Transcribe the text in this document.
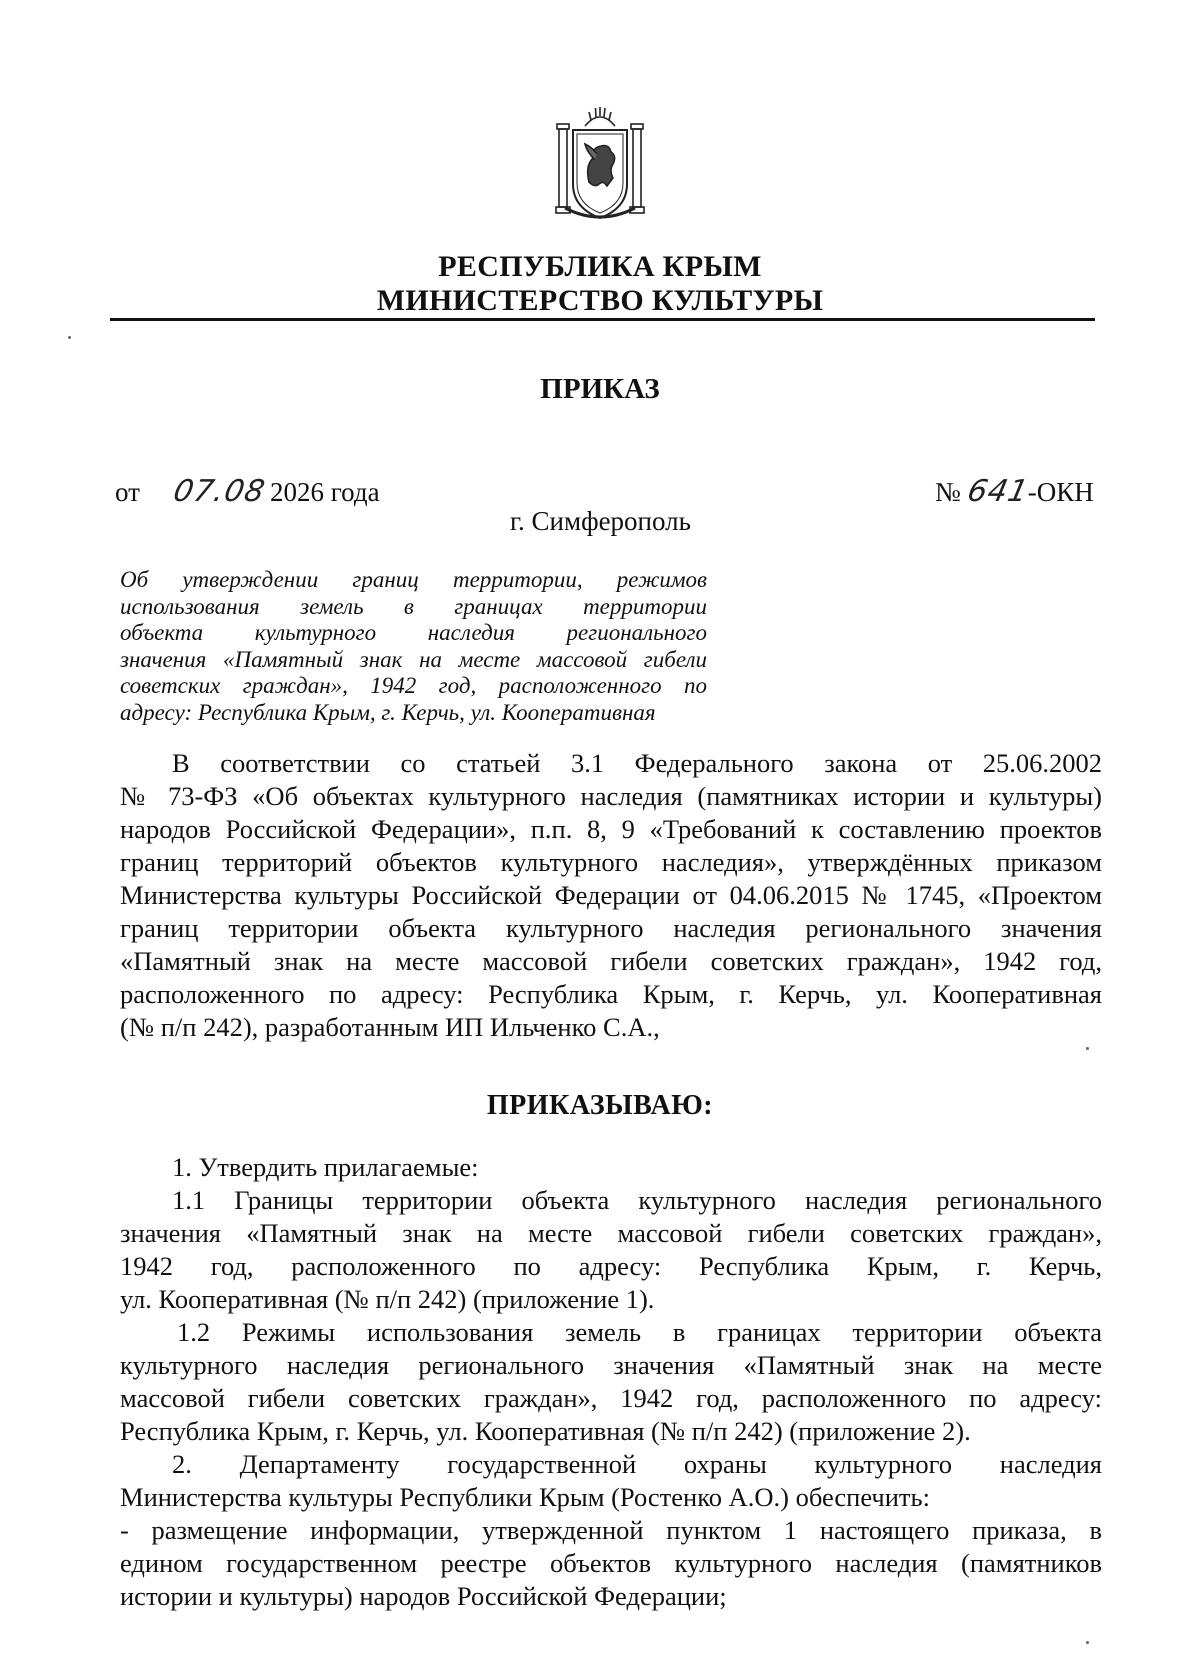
РЕСПУБЛИКА КРЫМ
МИНИСТЕРСТВО КУЛЬТУРЫ
ПРИКАЗ
от 07.082026 года	№ 641-ОКН
г. Симферополь
Об утверждении границ территории, режимов
использования земель в границах территории
объекта культурного наследия регионального
значения «Памятный знак на месте массовой гибели
советских граждан», 1942 год, расположенного по
адресу: Республика Крым, г. Керчь, ул. Кооперативная
В соответствии со статьей 3.1 Федерального закона от 25.06.2002
№ 73-ФЗ «Об объектах культурного наследия (памятниках истории и культуры)
народов Российской Федерации», п.п. 8, 9 «Требований к составлению проектов
границ территорий объектов культурного наследия», утверждённых приказом
Министерства культуры Российской Федерации от 04.06.2015 № 1745, «Проектом
границ территории объекта культурного наследия регионального значения
«Памятный знак на месте массовой гибели советских граждан», 1942 год,
расположенного по адресу: Республика Крым, г. Керчь, ул. Кооперативная
(№ п/п 242), разработанным ИП Ильченко С.А.,
ПРИКАЗЫВАЮ:
1. Утвердить прилагаемые:
1.1 Границы территории объекта культурного наследия регионального
значения «Памятный знак на месте массовой гибели советских граждан»,
1942 год, расположенного по адресу: Республика Крым, г. Керчь,
ул. Кооперативная (№ п/п 242) (приложение 1).
1.2 Режимы использования земель в границах территории объекта
культурного наследия регионального значения «Памятный знак на месте
массовой гибели советских граждан», 1942 год, расположенного по адресу:
Республика Крым, г. Керчь, ул. Кооперативная (№ п/п 242) (приложение 2).
2. Департаменту государственной охраны культурного наследия
Министерства культуры Республики Крым (Ростенко А.О.) обеспечить:
- размещение информации, утвержденной пунктом 1 настоящего приказа, в
едином государственном реестре объектов культурного наследия (памятников
истории и культуры) народов Российской Федерации;
